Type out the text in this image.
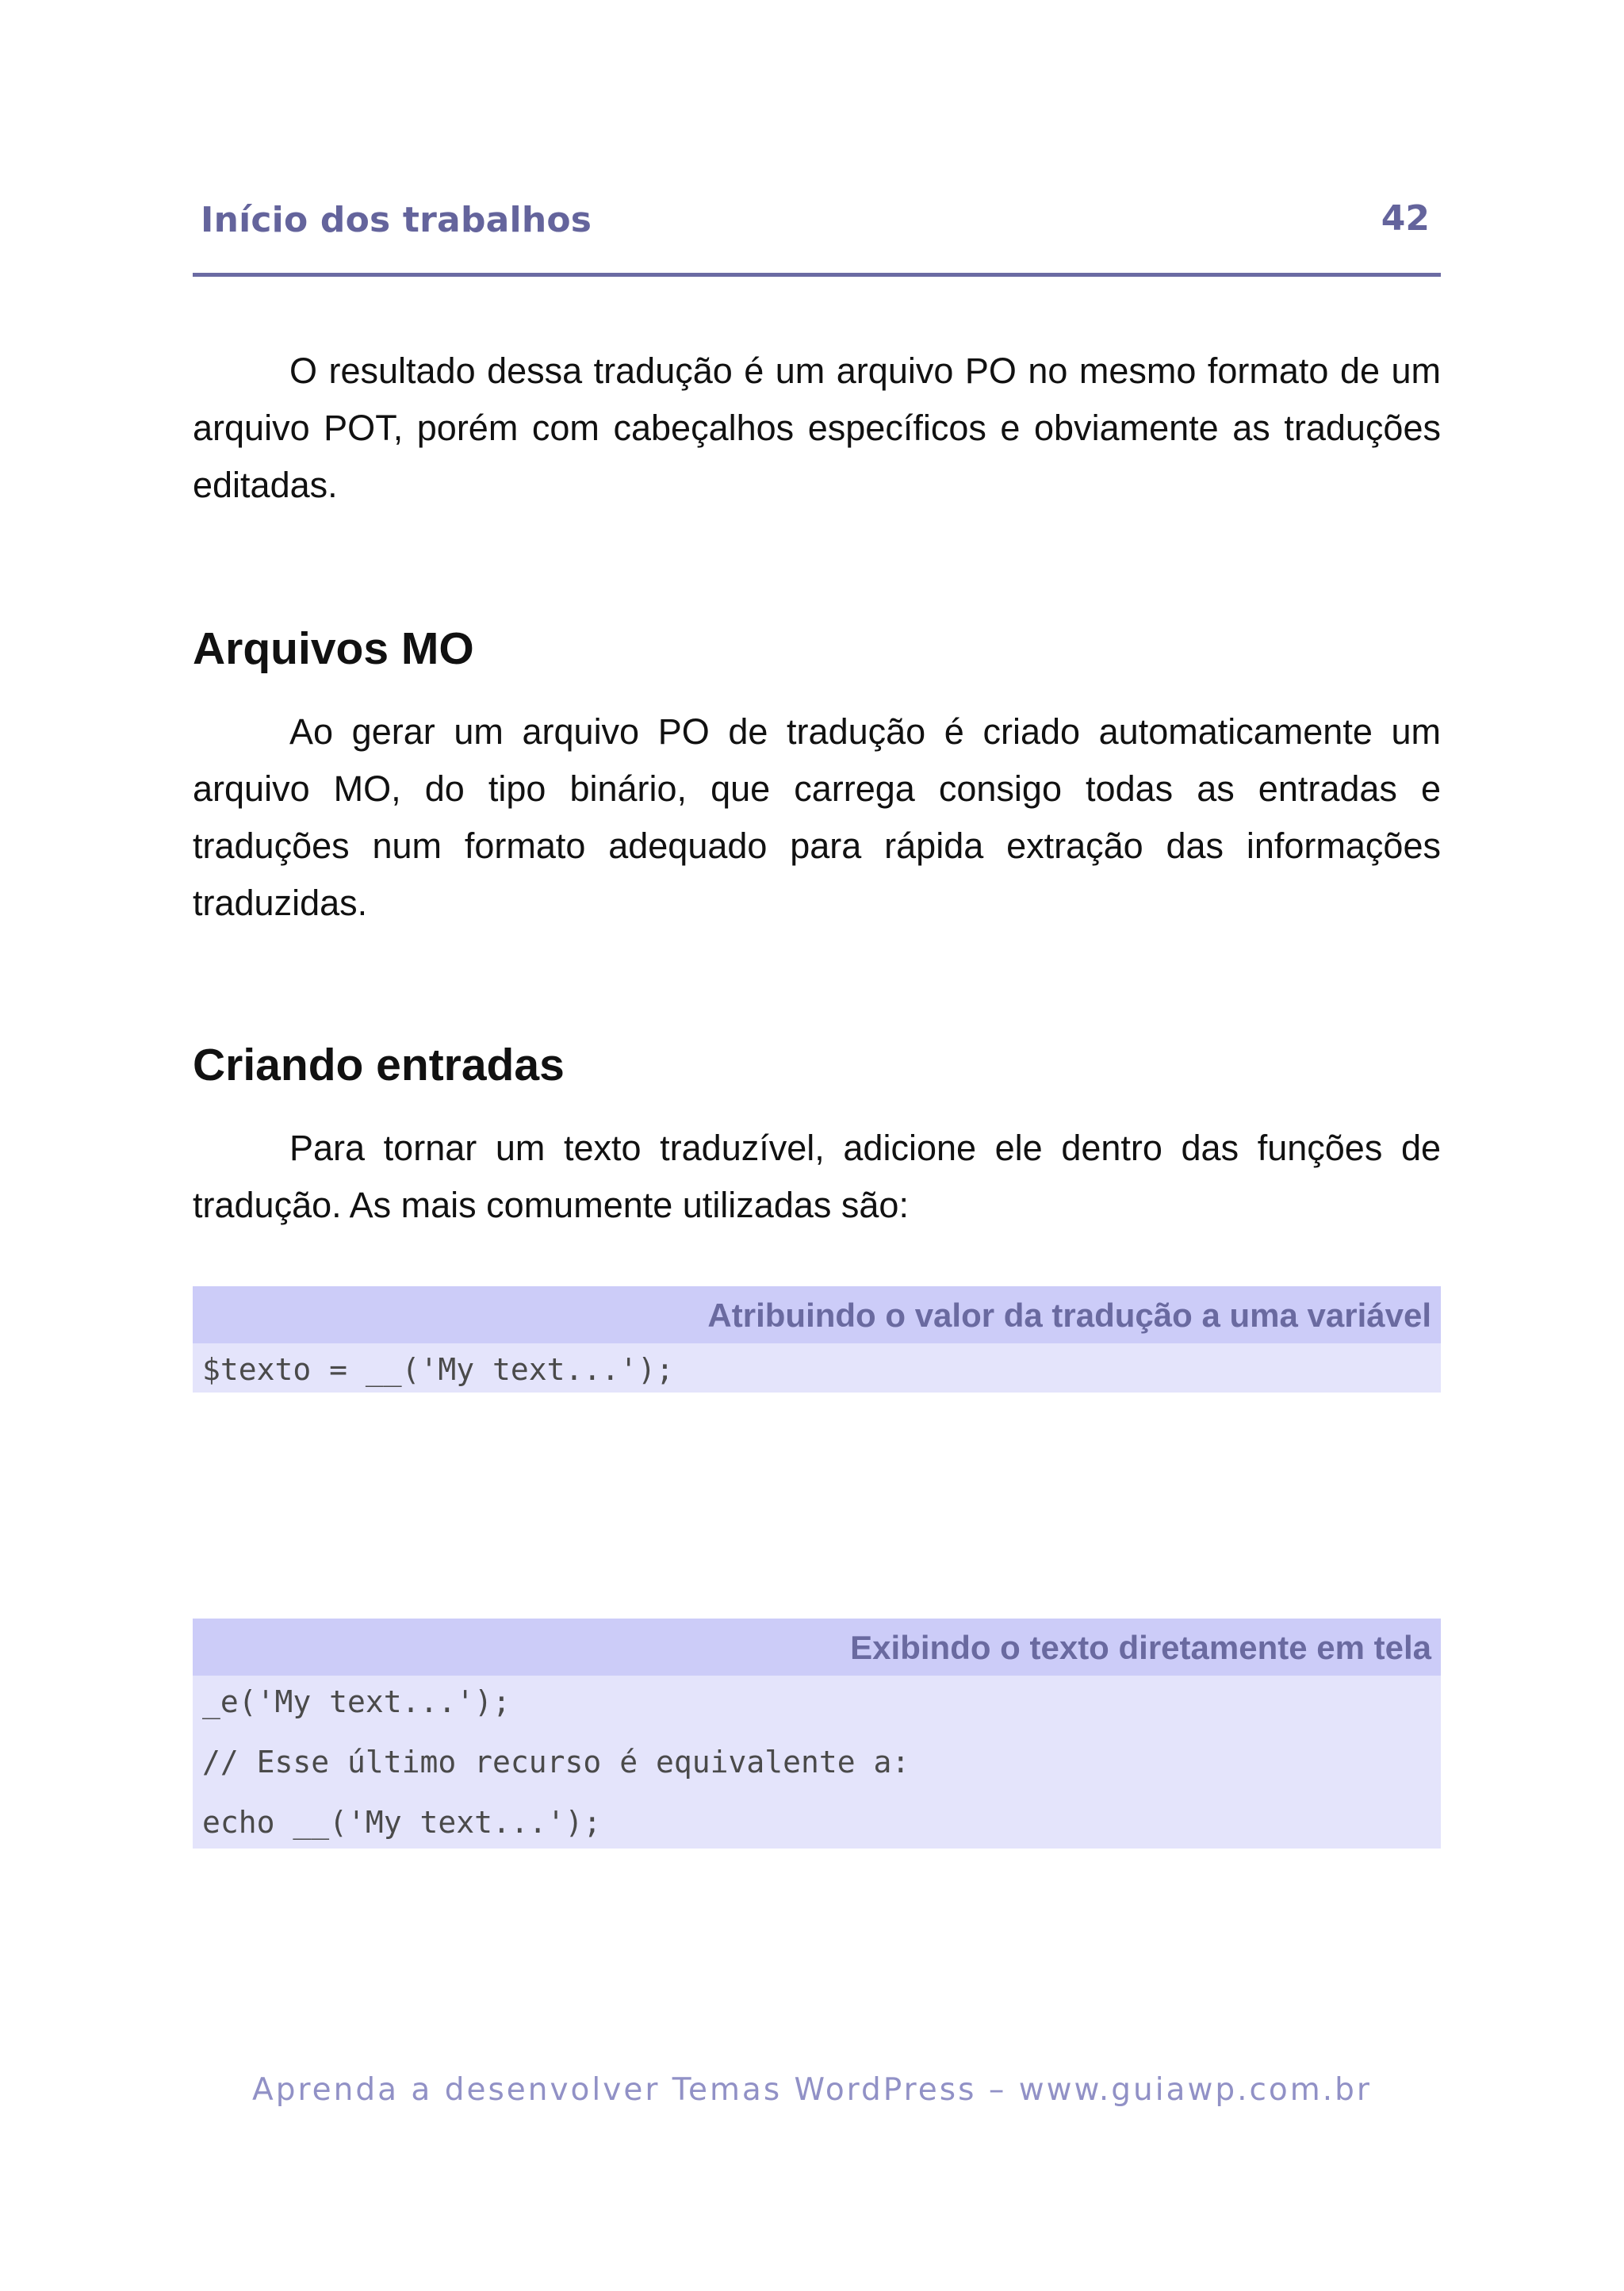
Início dos trabalhos	42

O resultado dessa tradução é um arquivo PO no mesmo formato de um arquivo POT, porém com cabeçalhos específicos e obviamente as traduções editadas.

Arquivos MO

Ao gerar um arquivo PO de tradução é criado automaticamente um arquivo MO, do tipo binário, que carrega consigo todas as entradas e traduções num formato adequado para rápida extração das informações traduzidas.

Criando entradas

Para tornar um texto traduzível, adicione ele dentro das funções de tradução. As mais comumente utilizadas são:

Atribuindo o valor da tradução a uma variável
$texto = __('My text...');
Exibindo o texto diretamente em tela
_e('My text...');
// Esse último recurso é equivalente a:
echo __('My text...');
Aprenda a desenvolver Temas WordPress – www.guiawp.com.br
